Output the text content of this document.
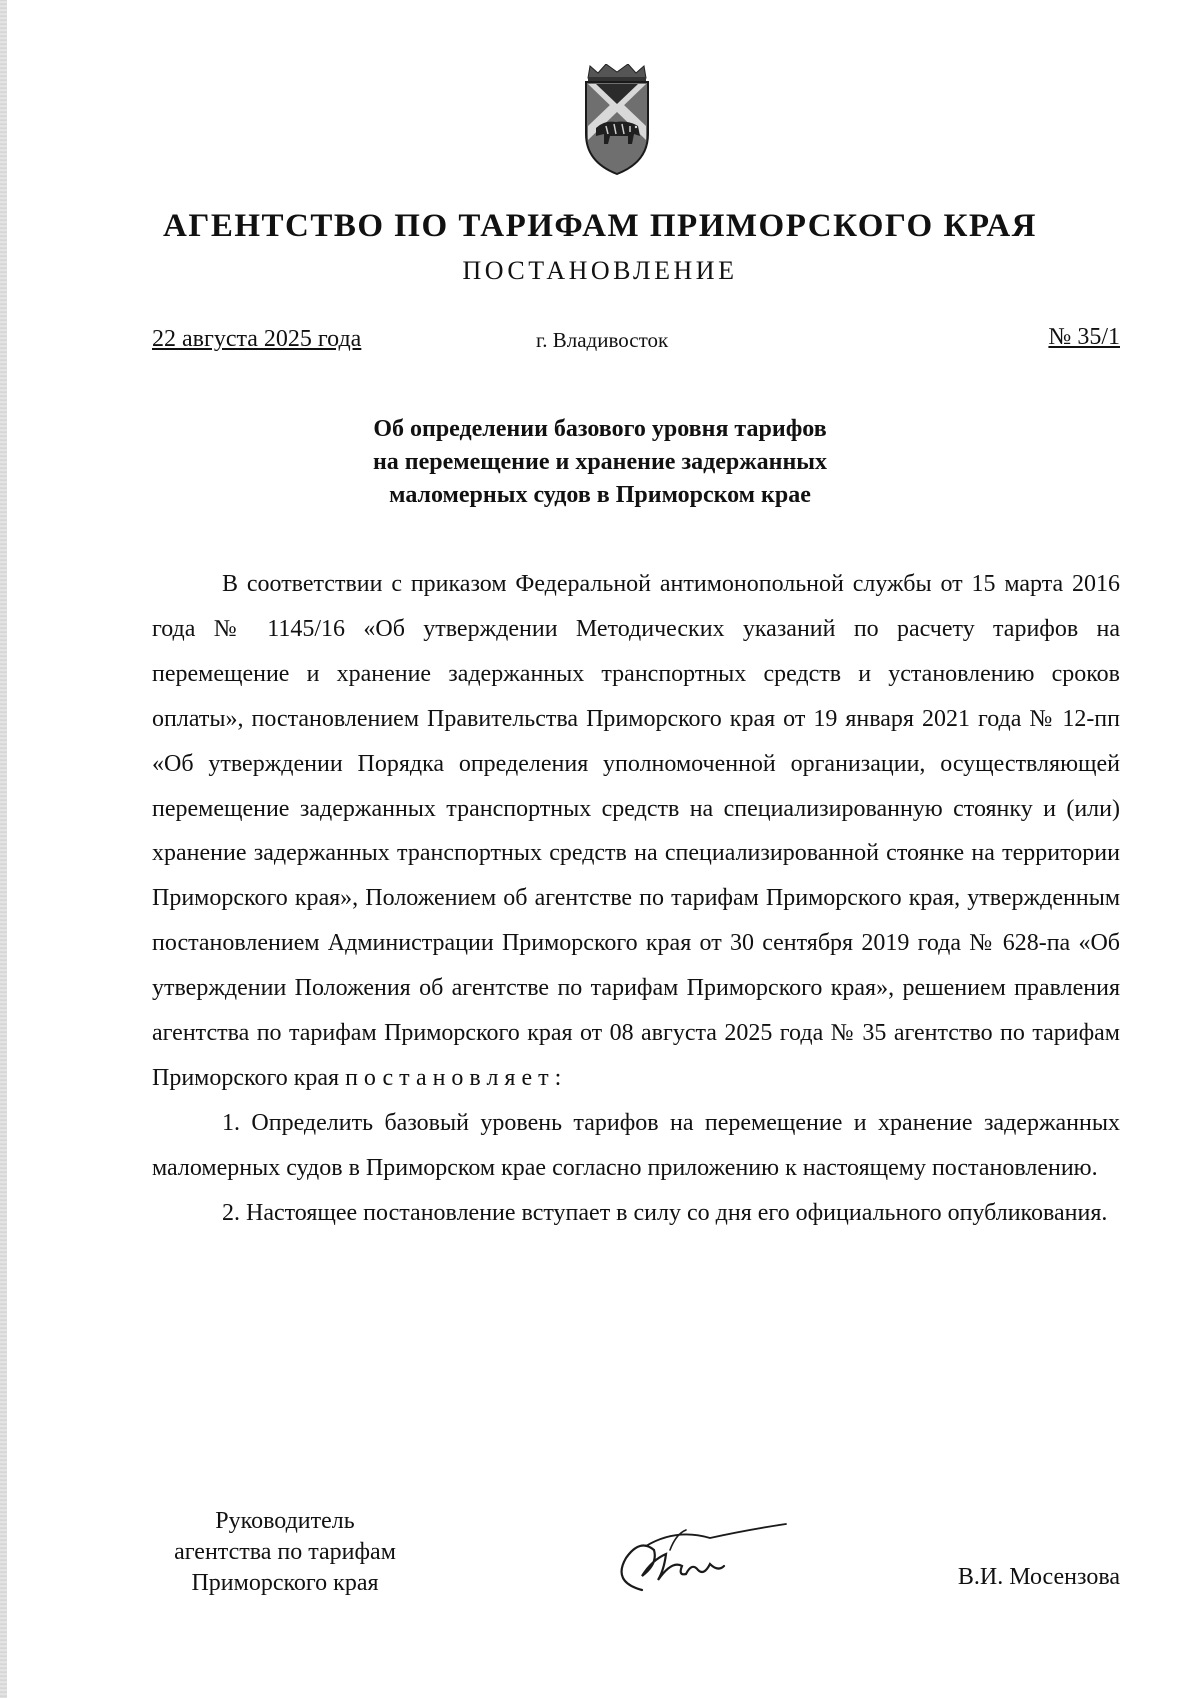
АГЕНТСТВО ПО ТАРИФАМ ПРИМОРСКОГО КРАЯ
ПОСТАНОВЛЕНИЕ
22 августа 2025 года	г. Владивосток	№ 35/1
Об определении базового уровня тарифов
на перемещение и хранение задержанных
маломерных судов в Приморском крае

В соответствии с приказом Федеральной антимонопольной службы от 15 марта 2016 года № 1145/16 «Об утверждении Методических указаний по расчету тарифов на перемещение и хранение задержанных транспортных средств и установлению сроков оплаты», постановлением Правительства Приморского края от 19 января 2021 года № 12-пп «Об утверждении Порядка определения уполномоченной организации, осуществляющей перемещение задержанных транспортных средств на специализированную стоянку и (или) хранение задержанных транспортных средств на специализированной стоянке на территории Приморского края», Положением об агентстве по тарифам Приморского края, утвержденным постановлением Администрации Приморского края от 30 сентября 2019 года № 628-па «Об утверждении Положения об агентстве по тарифам Приморского края», решением правления агентства по тарифам Приморского края от 08 августа 2025 года № 35 агентство по тарифам Приморского края постановляет:

1. Определить базовый уровень тарифов на перемещение и хранение задержанных маломерных судов в Приморском крае согласно приложению к настоящему постановлению.

2. Настоящее постановление вступает в силу со дня его официального опубликования.

Руководитель
агентства по тарифам
Приморского края	В.И. Мосензова
